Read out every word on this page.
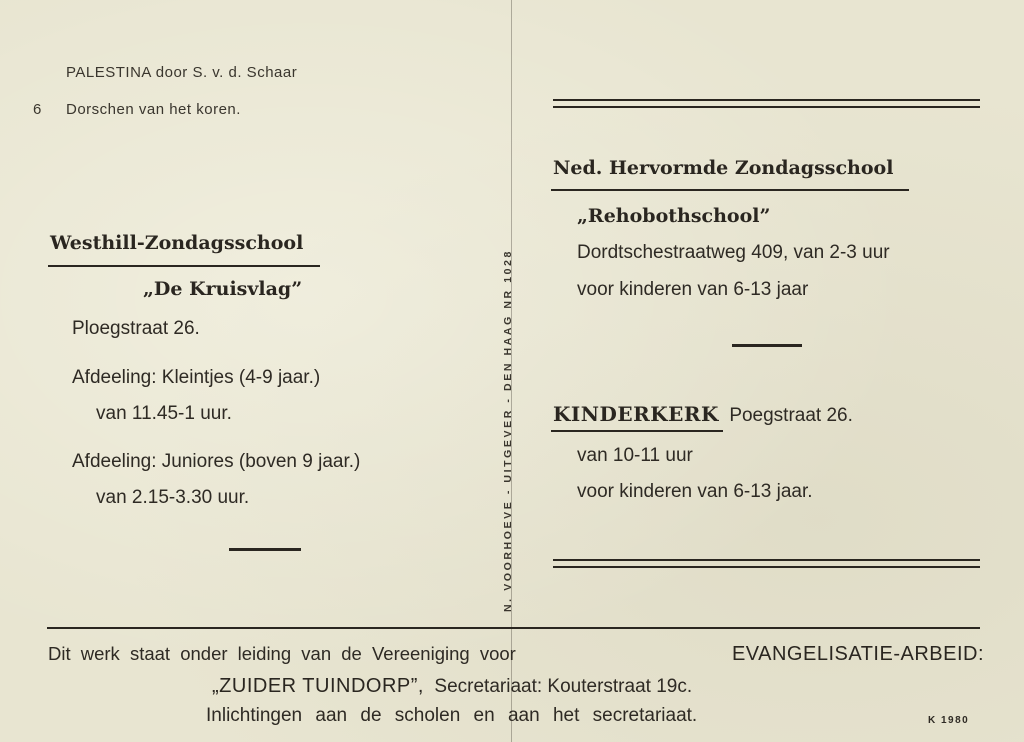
PALESTINA door S. v. d. Schaar
6 Dorschen van het koren.
N. VOORHOEVE - UITGEVER - DEN HAAG NR 1028
Westhill-Zondagsschool
„De Kruisvlag”
Ploegstraat 26.
Afdeeling: Kleintjes (4-9 jaar.)
van 11.45-1 uur.
Afdeeling: Juniores (boven 9 jaar.)
van 2.15-3.30 uur.
Ned. Hervormde Zondagsschool
„Rehobothschool”
Dordtschestraatweg 409, van 2-3 uur
voor kinderen van 6-13 jaar
KINDERKERK Poegstraat 26.
van 10-11 uur
voor kinderen van 6-13 jaar.
Dit werk staat onder leiding van de Vereeniging voor	EVANGELISATIE-ARBEID:
„ZUIDER TUINDORP”, Secretariaat: Kouterstraat 19c.
Inlichtingen aan de scholen en aan het secretariaat.	K 1980
